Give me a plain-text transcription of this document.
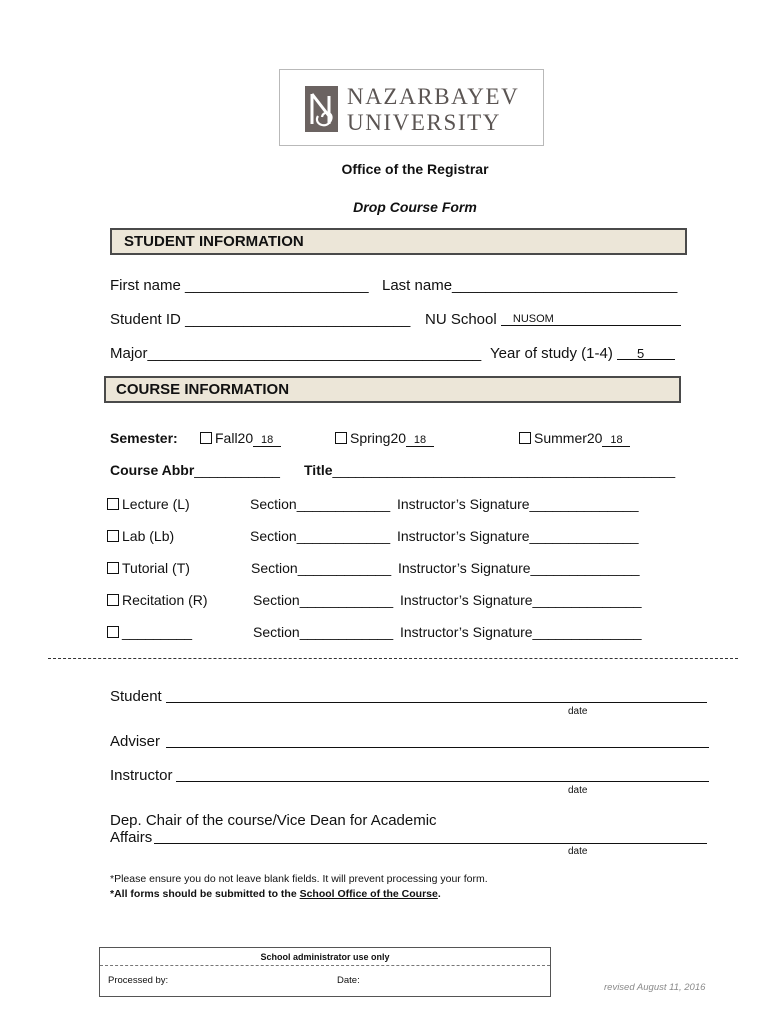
NAZARBAYEV
UNIVERSITY
Office of the Registrar
Drop Course Form
STUDENT INFORMATION
First name ______________________ Last name___________________________
Student ID ___________________________ NU School NUSOM
Major________________________________________ Year of study (1-4) 5
COURSE INFORMATION
Semester:	Fall20 18	Spring20 18	Summer20 18
Course Abbr___________ Title____________________________________________
Lecture (L)	Section____________ Instructor’s Signature______________
Lab (Lb)	Section____________ Instructor’s Signature______________
Tutorial (T)	Section____________ Instructor’s Signature______________
Recitation (R)	Section____________ Instructor’s Signature______________
_________	Section____________ Instructor’s Signature______________
Student
date
Adviser
Instructor
date
Dep. Chair of the course/Vice Dean for Academic
Affairs
date
*Please ensure you do not leave blank fields. It will prevent processing your form.
*All forms should be submitted to the School Office of the Course.
School administrator use only
Processed by:	Date:
revised August 11, 2016
